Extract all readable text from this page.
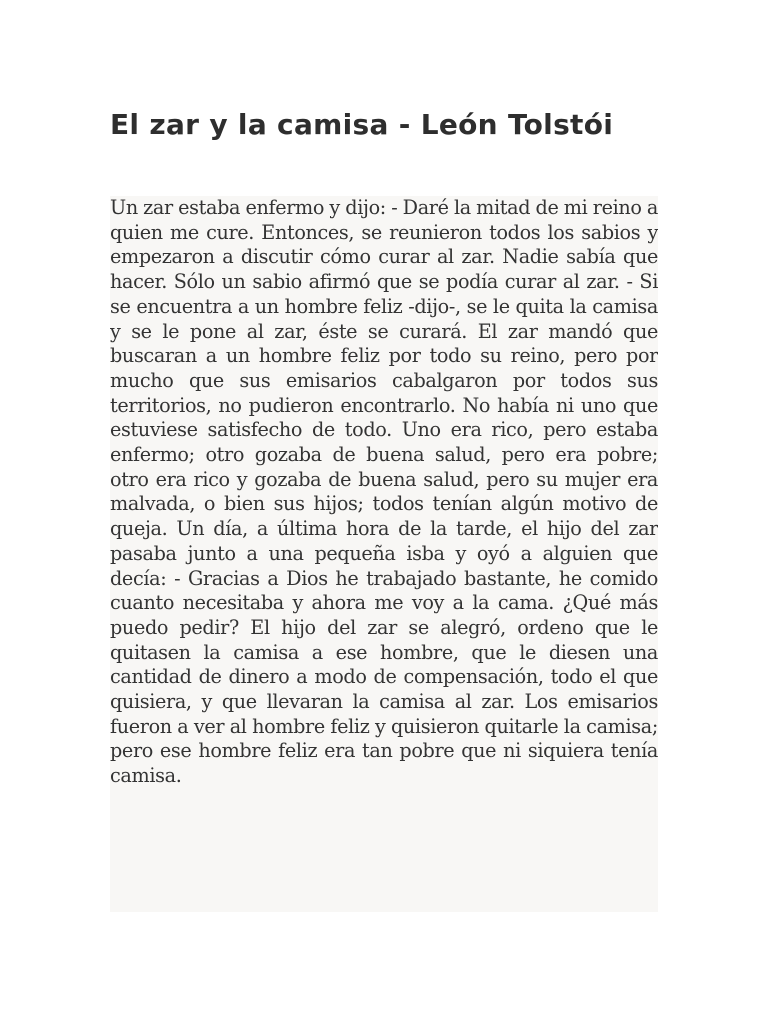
El zar y la camisa - León Tolstói

Un zar estaba enfermo y dijo: - Daré la mitad de mi reino a quien me cure. Entonces, se reunieron todos los sabios y empezaron a discutir cómo curar al zar. Nadie sabía que hacer. Sólo un sabio afirmó que se podía curar al zar. - Si se encuentra a un hombre feliz -dijo-, se le quita la camisa y se le pone al zar, éste se curará. El zar mandó que buscaran a un hombre feliz por todo su reino, pero por mucho que sus emisarios cabalgaron por todos sus territorios, no pudieron encontrarlo. No había ni uno que estuviese satisfecho de todo. Uno era rico, pero estaba enfermo; otro gozaba de buena salud, pero era pobre; otro era rico y gozaba de buena salud, pero su mujer era malvada, o bien sus hijos; todos tenían algún motivo de queja. Un día, a última hora de la tarde, el hijo del zar pasaba junto a una pequeña isba y oyó a alguien que decía: - Gracias a Dios he trabajado bastante, he comido cuanto necesitaba y ahora me voy a la cama. ¿Qué más puedo pedir? El hijo del zar se alegró, ordeno que le quitasen la camisa a ese hombre, que le diesen una cantidad de dinero a modo de compensación, todo el que quisiera, y que llevaran la camisa al zar. Los emisarios fueron a ver al hombre feliz y quisieron quitarle la camisa; pero ese hombre feliz era tan pobre que ni siquiera tenía camisa.
